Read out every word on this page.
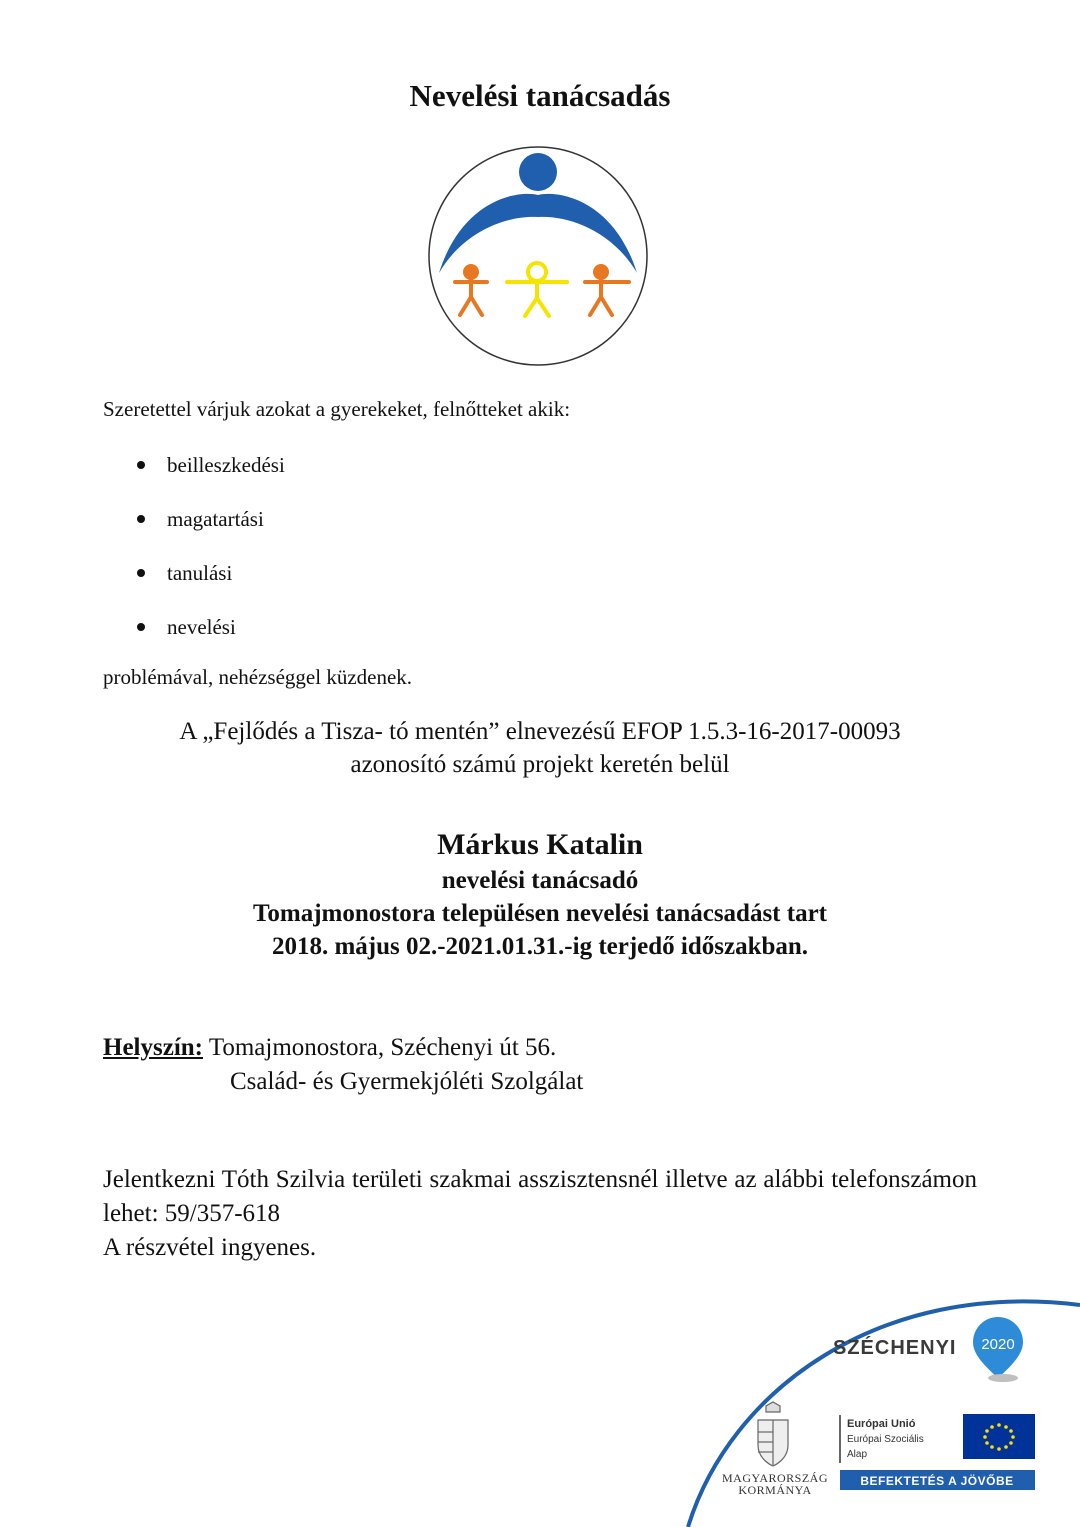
Nevelési tanácsadás
Szeretettel várjuk azokat a gyerekeket, felnőtteket akik:
beilleszkedési
magatartási
tanulási
nevelési
problémával, nehézséggel küzdenek.
A „Fejlődés a Tisza- tó mentén” elnevezésű EFOP 1.5.3-16-2017-00093
azonosító számú projekt keretén belül
Márkus Katalin
nevelési tanácsadó
Tomajmonostora településen nevelési tanácsadást tart
2018. május 02.-2021.01.31.-ig terjedő időszakban.
Helyszín: Tomajmonostora, Széchenyi út 56.
Család- és Gyermekjóléti Szolgálat
Jelentkezni Tóth Szilvia területi szakmai asszisztensnél illetve az alábbi telefonszámon lehet: 59/357-618
A részvétel ingyenes.
SZÉCHENYI 2020
MAGYARORSZÁG
KORMÁNYA
Európai Unió
Európai Szociális
Alap
BEFEKTETÉS A JÖVŐBE
